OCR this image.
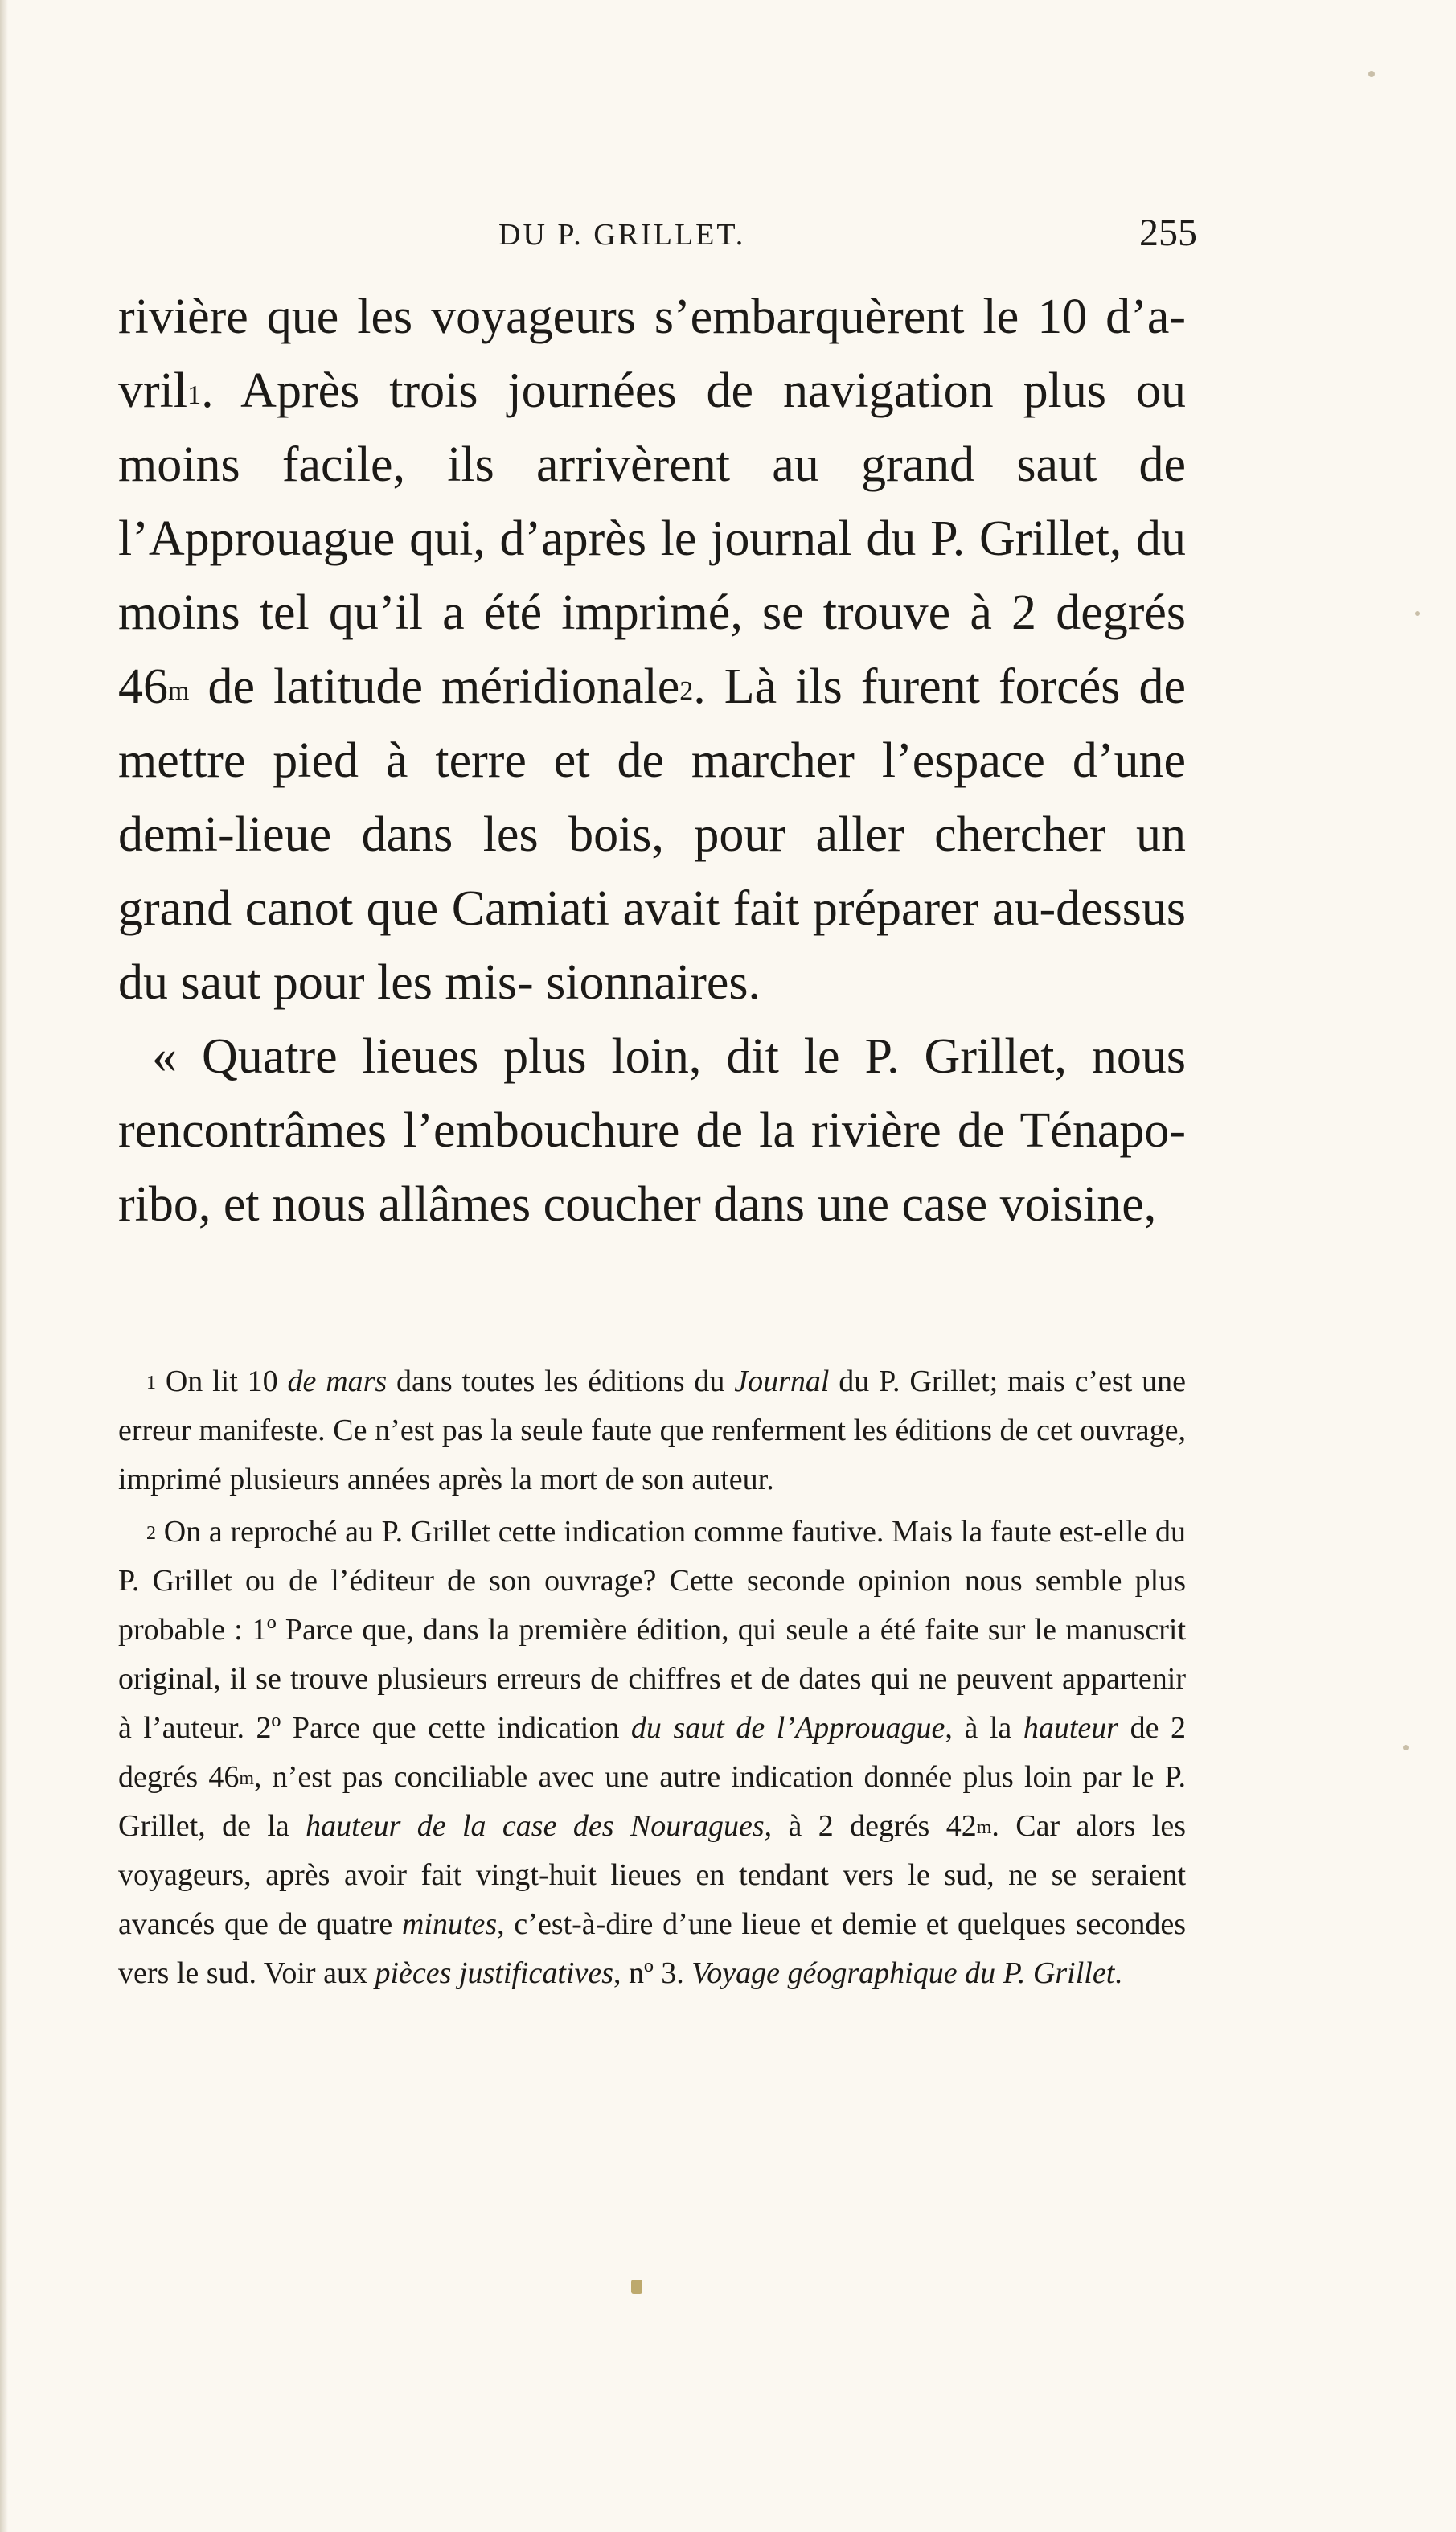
DU P. GRILLET.	255

rivière que les voyageurs s’embarquèrent le 10 d’a- vril$^1$. Après trois journées de navigation plus ou moins facile, ils arrivèrent au grand saut de l’Approuague qui, d’après le journal du P. Grillet, du moins tel qu’il a été imprimé, se trouve à 2 degrés 46$^m$ de latitude méridionale$^2$. Là ils furent forcés de mettre pied à terre et de marcher l’espace d’une demi-lieue dans les bois, pour aller chercher un grand canot que Camiati avait fait préparer au-dessus du saut pour les mis- sionnaires.

« Quatre lieues plus loin, dit le P. Grillet, nous rencontrâmes l’embouchure de la rivière de Ténapo- ribo, et nous allâmes coucher dans une case voisine,

$^1$ On lit 10 de mars dans toutes les éditions du Journal du P. Grillet; mais c’est une erreur manifeste. Ce n’est pas la seule faute que renferment les éditions de cet ouvrage, imprimé plusieurs années après la mort de son auteur.

$^2$ On a reproché au P. Grillet cette indication comme fautive. Mais la faute est-elle du P. Grillet ou de l’éditeur de son ouvrage? Cette seconde opinion nous semble plus probable : 1º Parce que, dans la première édition, qui seule a été faite sur le manuscrit original, il se trouve plusieurs erreurs de chiffres et de dates qui ne peuvent appartenir à l’auteur. 2º Parce que cette indication du saut de l’Approuague, à la hauteur de 2 degrés 46$^m$, n’est pas conciliable avec une autre indication donnée plus loin par le P. Grillet, de la hauteur de la case des Nouragues, à 2 degrés 42$^m$. Car alors les voyageurs, après avoir fait vingt-huit lieues en tendant vers le sud, ne se seraient avancés que de quatre minutes, c’est-à-dire d’une lieue et demie et quelques secondes vers le sud. Voir aux pièces justificatives, nº 3. Voyage géographique du P. Grillet.
